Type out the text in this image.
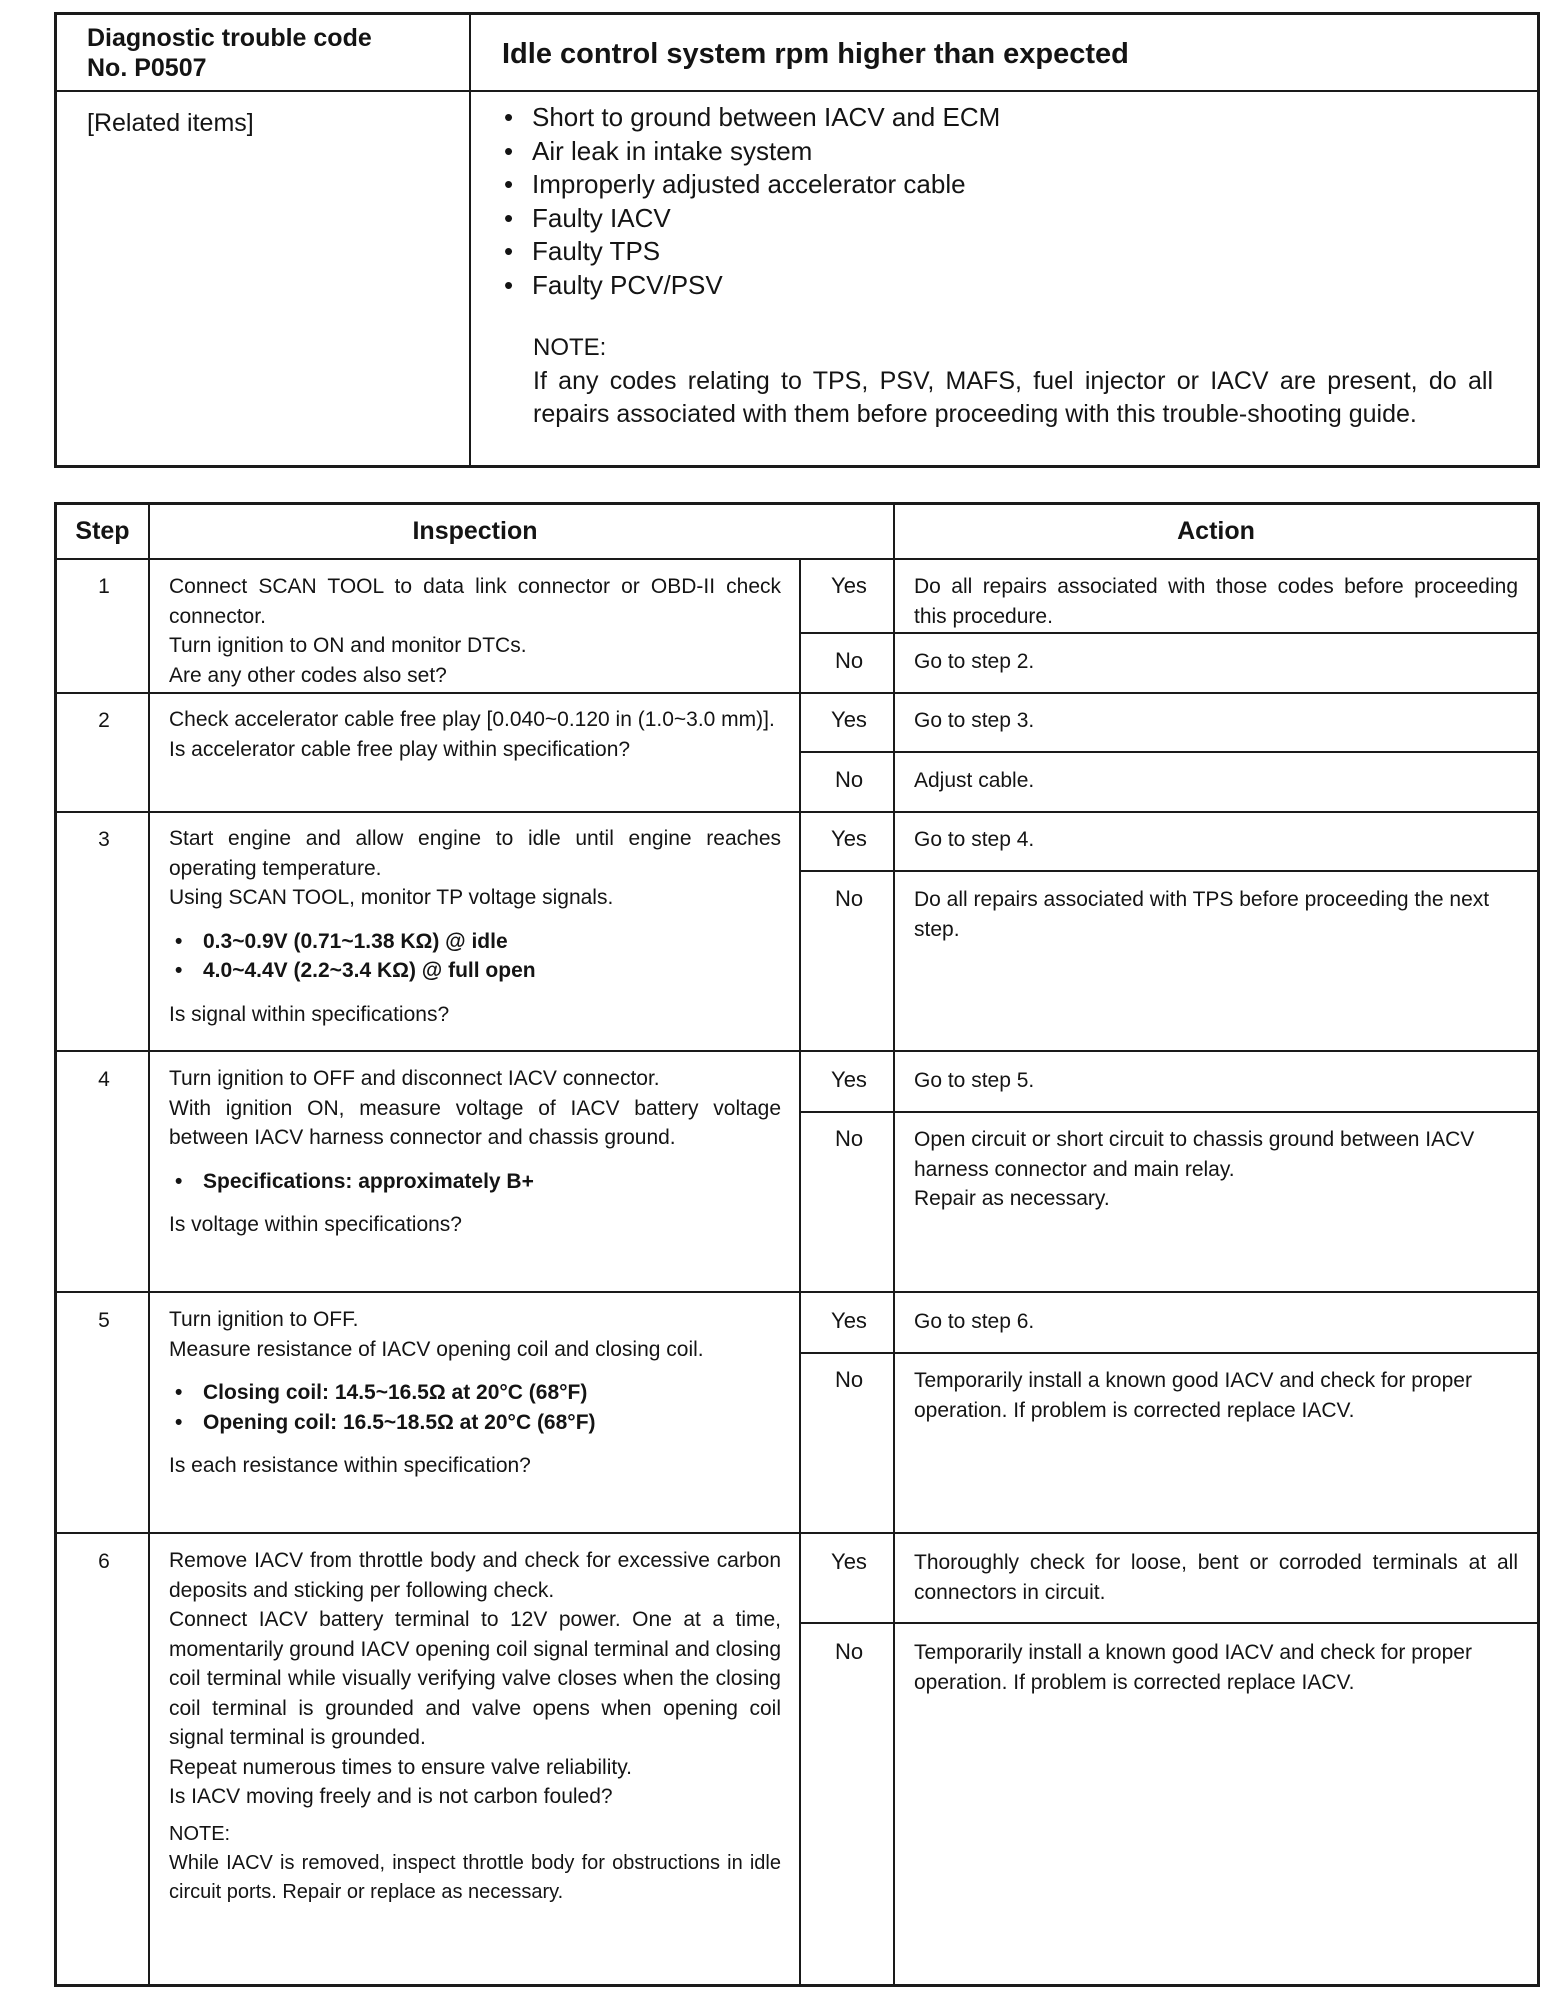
Diagnostic trouble code
No. P0507	Idle control system rpm higher than expected
[Related items]	• Short to ground between IACV and ECM
• Air leak in intake system
• Improperly adjusted accelerator cable
• Faulty IACV
• Faulty TPS
• Faulty PCV/PSV
NOTE:
If any codes relating to TPS, PSV, MAFS, fuel injector or IACV are present, do all repairs associated with them before proceeding with this trouble-shooting guide.
Step	Inspection	Action
1	Connect SCAN TOOL to data link connector or OBD-II check connector.

Turn ignition to ON and monitor DTCs.

Are any other codes also set?

Yes	Do all repairs associated with those codes before proceeding this procedure.
No	Go to step 2.
2	Check accelerator cable free play [0.040~0.120 in (1.0~3.0 mm)].

Is accelerator cable free play within specification?

Yes	Go to step 3.
No	Adjust cable.
3	Start engine and allow engine to idle until engine reaches operating temperature.

Using SCAN TOOL, monitor TP voltage signals.

• 0.3~0.9V (0.71~1.38 KΩ) @ idle

• 4.0~4.4V (2.2~3.4 KΩ) @ full open

Is signal within specifications?

Yes	Go to step 4.
No	Do all repairs associated with TPS before proceeding the next step.
4	Turn ignition to OFF and disconnect IACV connector.

With ignition ON, measure voltage of IACV battery voltage between IACV harness connector and chassis ground.

• Specifications: approximately B+

Is voltage within specifications?

Yes	Go to step 5.
No	Open circuit or short circuit to chassis ground between IACV harness connector and main relay.

Repair as necessary.

5	Turn ignition to OFF.

Measure resistance of IACV opening coil and closing coil.

• Closing coil: 14.5~16.5Ω at 20°C (68°F)

• Opening coil: 16.5~18.5Ω at 20°C (68°F)

Is each resistance within specification?

Yes	Go to step 6.
No	Temporarily install a known good IACV and check for proper operation. If problem is corrected replace IACV.
6	Remove IACV from throttle body and check for excessive carbon deposits and sticking per following check.

Connect IACV battery terminal to 12V power. One at a time, momentarily ground IACV opening coil signal terminal and closing coil terminal while visually verifying valve closes when the closing coil terminal is grounded and valve opens when opening coil signal terminal is grounded.

Repeat numerous times to ensure valve reliability.

Is IACV moving freely and is not carbon fouled?

NOTE:

While IACV is removed, inspect throttle body for obstructions in idle circuit ports. Repair or replace as necessary.

Yes	Thoroughly check for loose, bent or corroded terminals at all connectors in circuit.
No	Temporarily install a known good IACV and check for proper operation. If problem is corrected replace IACV.
